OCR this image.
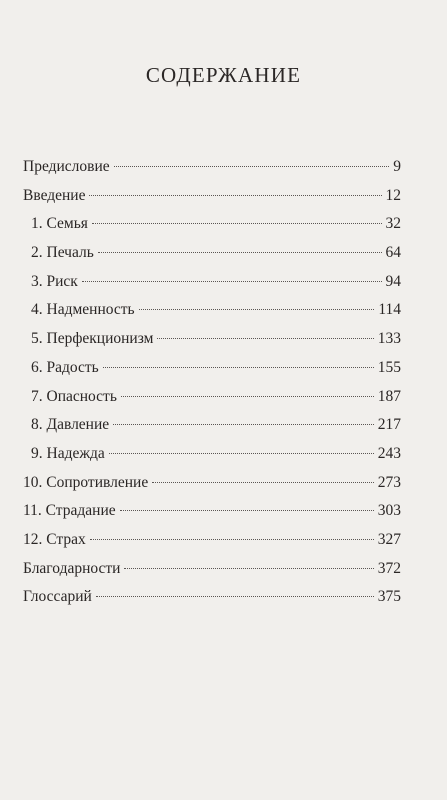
СОДЕРЖАНИЕ
Предисловие	9
Введение	12
1. Семья	32
2. Печаль	64
3. Риск	94
4. Надменность	114
5. Перфекционизм	133
6. Радость	155
7. Опасность	187
8. Давление	217
9. Надежда	243
10. Сопротивление	273
11. Страдание	303
12. Страх	327
Благодарности	372
Глоссарий	375
